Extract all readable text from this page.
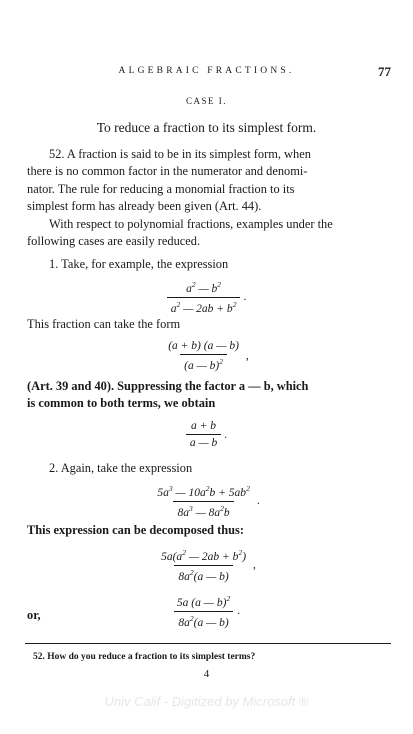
ALGEBRAIC FRACTIONS.	77
CASE I.
To reduce a fraction to its simplest form.

52. A fraction is said to be in its simplest form, when
there is no common factor in the numerator and denomi-
nator. The rule for reducing a monomial fraction to its
simplest form has already been given (Art. 44).

With respect to polynomial fractions, examples under the
following cases are easily reduced.

1. Take, for example, the expression

$\frac{a^2 — b^2}{a^2 — 2ab + b^2}$ .

This fraction can take the form

$\frac{(a + b) (a — b)}{(a — b)^2}$ ,

(Art. 39 and 40). Suppressing the factor a — b, which
is common to both terms, we obtain

$\frac{a + b}{a — b}$ .

2. Again, take the expression

$\frac{5a^3 — 10a^2b + 5ab^2}{8a^3 — 8a^2b}$ .

This expression can be decomposed thus:

$\frac{5a(a^2 — 2ab + b^2)}{8a^2(a — b)}$ ,
or,	$\frac{5a (a — b)^2}{8a^2(a — b)}$ .
52. How do you reduce a fraction to its simplest terms?
4
Univ Calif - Digitized by Microsoft ®
